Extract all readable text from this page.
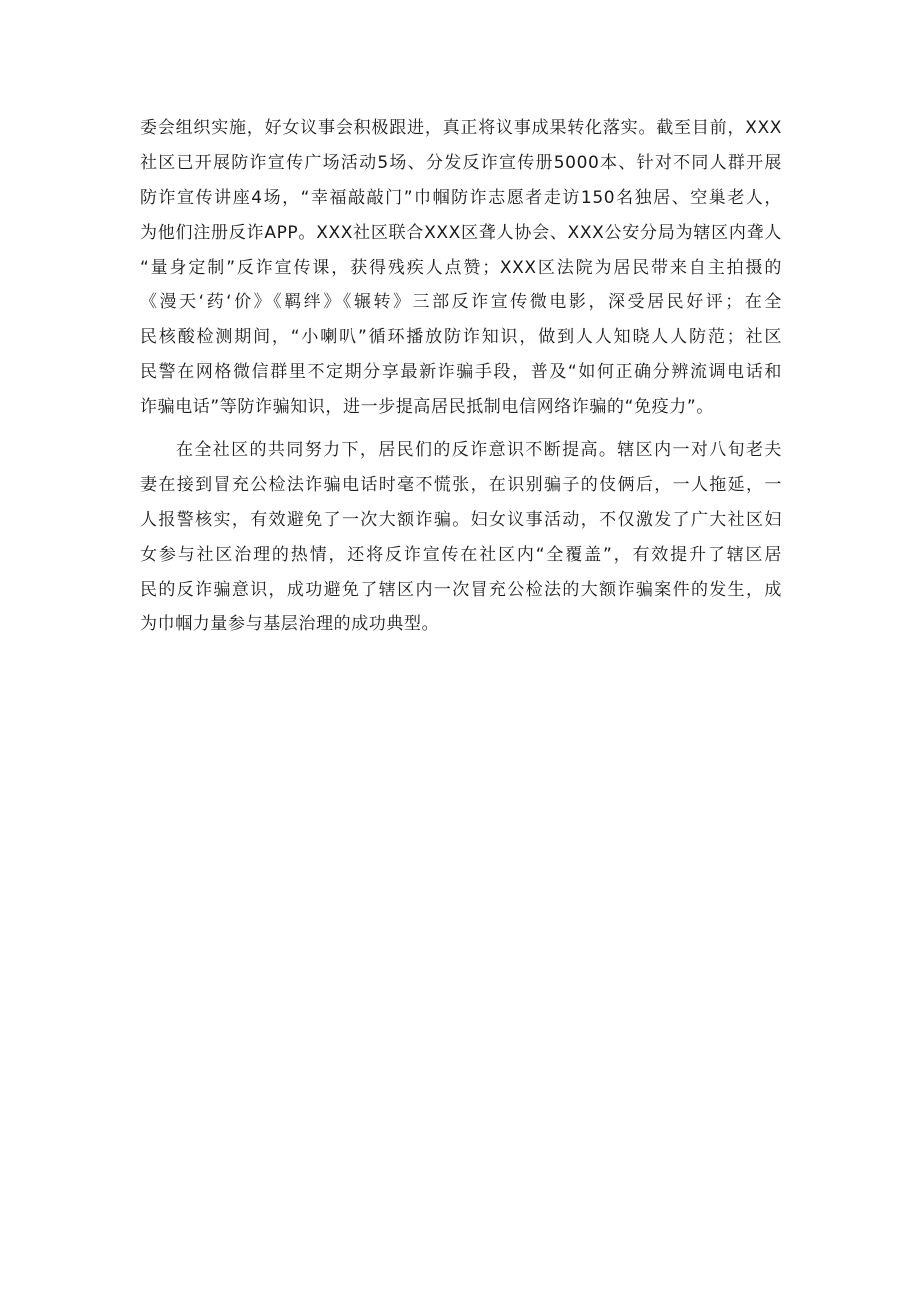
委会组织实施，好女议事会积极跟进，真正将议事成果转化落实。截至目前，XXX
社区已开展防诈宣传广场活动5场、分发反诈宣传册5000本、针对不同人群开展
防诈宣传讲座4场，“幸福敲敲门”巾帼防诈志愿者走访150名独居、空巢老人，
为他们注册反诈APP。XXX社区联合XXX区聋人协会、XXX公安分局为辖区内聋人
“量身定制”反诈宣传课，获得残疾人点赞；XXX区法院为居民带来自主拍摄的
《漫天‘药‘价》《羁绊》《辗转》三部反诈宣传微电影，深受居民好评；在全
民核酸检测期间，“小喇叭”循环播放防诈知识，做到人人知晓人人防范；社区
民警在网格微信群里不定期分享最新诈骗手段，普及“如何正确分辨流调电话和
诈骗电话”等防诈骗知识，进一步提高居民抵制电信网络诈骗的“免疫力”。
在全社区的共同努力下，居民们的反诈意识不断提高。辖区内一对八旬老夫
妻在接到冒充公检法诈骗电话时毫不慌张，在识别骗子的伎俩后，一人拖延，一
人报警核实，有效避免了一次大额诈骗。妇女议事活动，不仅激发了广大社区妇
女参与社区治理的热情，还将反诈宣传在社区内“全覆盖”，有效提升了辖区居
民的反诈骗意识，成功避免了辖区内一次冒充公检法的大额诈骗案件的发生，成
为巾帼力量参与基层治理的成功典型。
